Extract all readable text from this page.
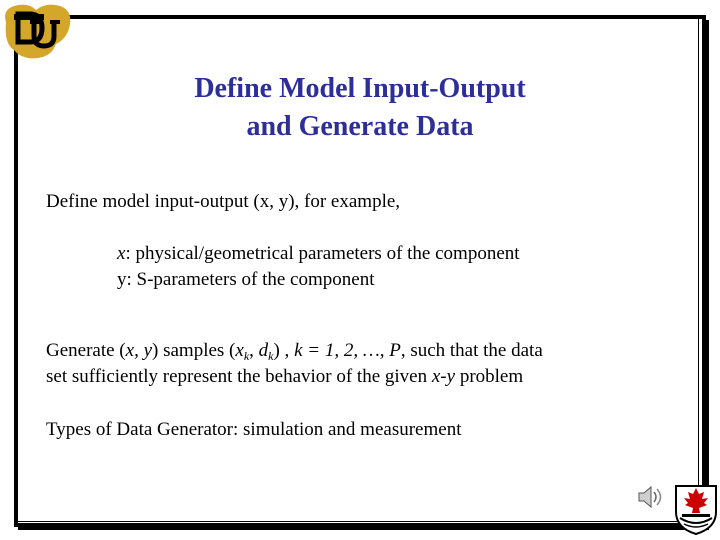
Define Model Input-Output
and Generate Data
Define model input-output (x, y), for example,
x: physical/geometrical parameters of the component
y: S-parameters of the component
Generate (x, y) samples ($x_k$, $d_k$) , k = 1, 2, …, P, such that the data
set sufficiently represent the behavior of the given x-y problem
Types of Data Generator: simulation and measurement
